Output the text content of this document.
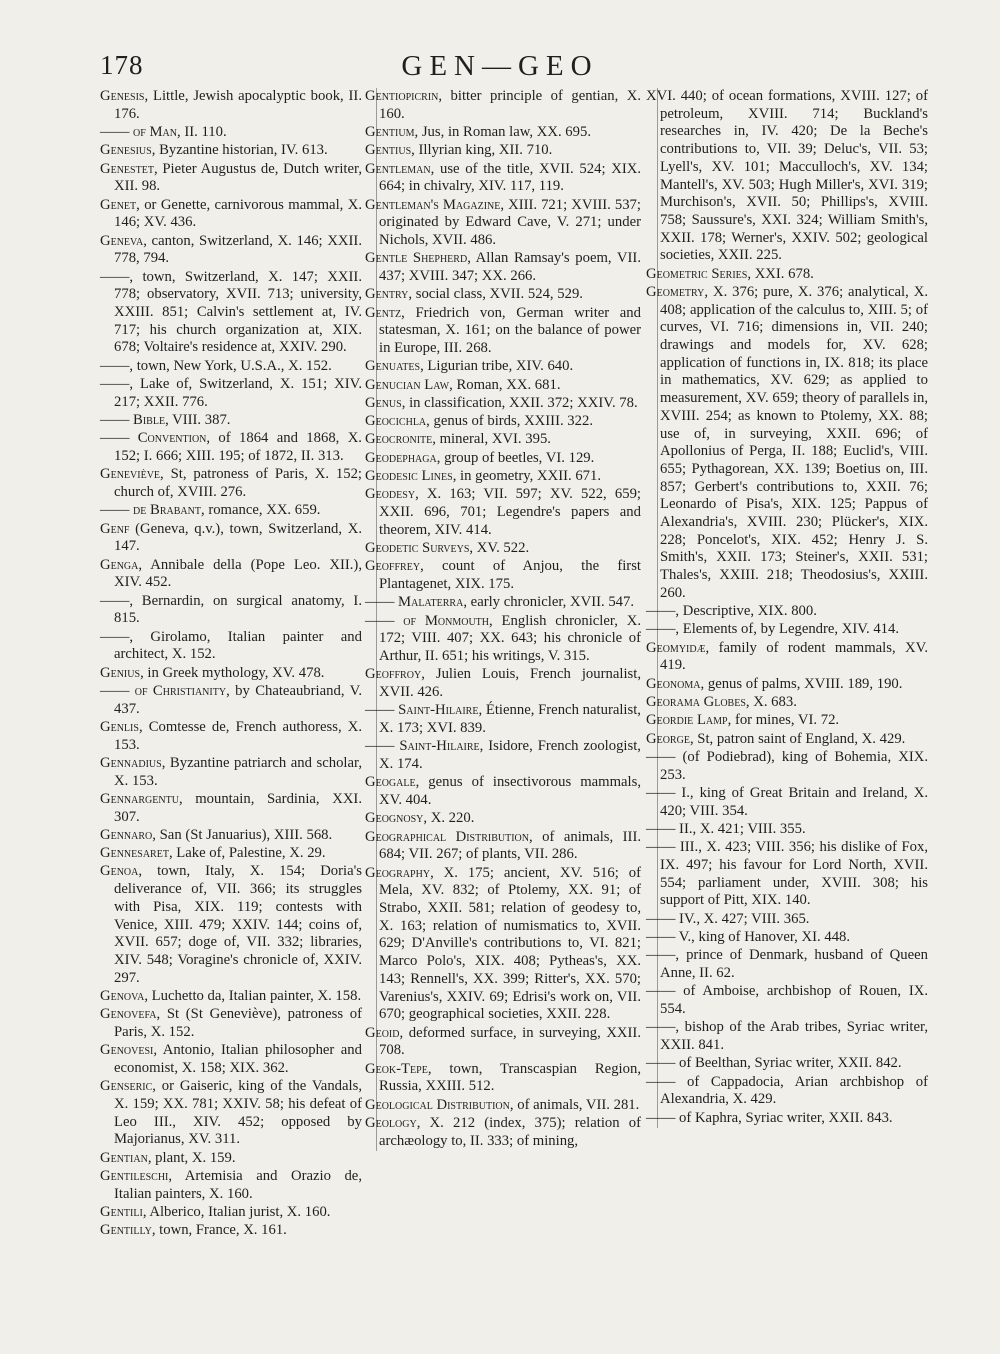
178	GEN—GEO
Genesis, Little, Jewish apocalyptic book, II. 176.
—— of Man, II. 110.
Genesius, Byzantine historian, IV. 613.
Genestet, Pieter Augustus de, Dutch writer, XII. 98.
Genet, or Genette, carnivorous mammal, X. 146; XV. 436.
Geneva, canton, Switzerland, X. 146; XXII. 778, 794.
——, town, Switzerland, X. 147; XXII. 778; observatory, XVII. 713; university, XXIII. 851; Calvin's settlement at, IV. 717; his church organization at, XIX. 678; Voltaire's residence at, XXIV. 290.
——, town, New York, U.S.A., X. 152.
——, Lake of, Switzerland, X. 151; XIV. 217; XXII. 776.
—— Bible, VIII. 387.
—— Convention, of 1864 and 1868, X. 152; I. 666; XIII. 195; of 1872, II. 313.
Geneviève, St, patroness of Paris, X. 152; church of, XVIII. 276.
—— de Brabant, romance, XX. 659.
Genf (Geneva, q.v.), town, Switzerland, X. 147.
Genga, Annibale della (Pope Leo. XII.), XIV. 452.
——, Bernardin, on surgical anatomy, I. 815.
——, Girolamo, Italian painter and architect, X. 152.
Genius, in Greek mythology, XV. 478.
—— of Christianity, by Chateaubriand, V. 437.
Genlis, Comtesse de, French authoress, X. 153.
Gennadius, Byzantine patriarch and scholar, X. 153.
Gennargentu, mountain, Sardinia, XXI. 307.
Gennaro, San (St Januarius), XIII. 568.
Gennesaret, Lake of, Palestine, X. 29.
Genoa, town, Italy, X. 154; Doria's deliverance of, VII. 366; its struggles with Pisa, XIX. 119; contests with Venice, XIII. 479; XXIV. 144; coins of, XVII. 657; doge of, VII. 332; libraries, XIV. 548; Voragine's chronicle of, XXIV. 297.
Genova, Luchetto da, Italian painter, X. 158.
Genovefa, St (St Geneviève), patroness of Paris, X. 152.
Genovesi, Antonio, Italian philosopher and economist, X. 158; XIX. 362.
Genseric, or Gaiseric, king of the Vandals, X. 159; XX. 781; XXIV. 58; his defeat of Leo III., XIV. 452; opposed by Majorianus, XV. 311.
Gentian, plant, X. 159.
Gentileschi, Artemisia and Orazio de, Italian painters, X. 160.
Gentili, Alberico, Italian jurist, X. 160.
Gentilly, town, France, X. 161.
Gentiopicrin, bitter principle of gentian, X. 160.
Gentium, Jus, in Roman law, XX. 695.
Gentius, Illyrian king, XII. 710.
Gentleman, use of the title, XVII. 524; XIX. 664; in chivalry, XIV. 117, 119.
Gentleman's Magazine, XIII. 721; XVIII. 537; originated by Edward Cave, V. 271; under Nichols, XVII. 486.
Gentle Shepherd, Allan Ramsay's poem, VII. 437; XVIII. 347; XX. 266.
Gentry, social class, XVII. 524, 529.
Gentz, Friedrich von, German writer and statesman, X. 161; on the balance of power in Europe, III. 268.
Genuates, Ligurian tribe, XIV. 640.
Genucian Law, Roman, XX. 681.
Genus, in classification, XXII. 372; XXIV. 78.
Geocichla, genus of birds, XXIII. 322.
Geocronite, mineral, XVI. 395.
Geodephaga, group of beetles, VI. 129.
Geodesic Lines, in geometry, XXII. 671.
Geodesy, X. 163; VII. 597; XV. 522, 659; XXII. 696, 701; Legendre's papers and theorem, XIV. 414.
Geodetic Surveys, XV. 522.
Geoffrey, count of Anjou, the first Plantagenet, XIX. 175.
—— Malaterra, early chronicler, XVII. 547.
—— of Monmouth, English chronicler, X. 172; VIII. 407; XX. 643; his chronicle of Arthur, II. 651; his writings, V. 315.
Geoffroy, Julien Louis, French journalist, XVII. 426.
—— Saint-Hilaire, Étienne, French naturalist, X. 173; XVI. 839.
—— Saint-Hilaire, Isidore, French zoologist, X. 174.
Geogale, genus of insectivorous mammals, XV. 404.
Geognosy, X. 220.
Geographical Distribution, of animals, III. 684; VII. 267; of plants, VII. 286.
Geography, X. 175; ancient, XV. 516; of Mela, XV. 832; of Ptolemy, XX. 91; of Strabo, XXII. 581; relation of geodesy to, X. 163; relation of numismatics to, XVII. 629; D'Anville's contributions to, VI. 821; Marco Polo's, XIX. 408; Pytheas's, XX. 143; Rennell's, XX. 399; Ritter's, XX. 570; Varenius's, XXIV. 69; Edrisi's work on, VII. 670; geographical societies, XXII. 228.
Geoid, deformed surface, in surveying, XXII. 708.
Geok-Tepe, town, Transcaspian Region, Russia, XXIII. 512.
Geological Distribution, of animals, VII. 281.
Geology, X. 212 (index, 375); relation of archæology to, II. 333; of mining,
XVI. 440; of ocean formations, XVIII. 127; of petroleum, XVIII. 714; Buckland's researches in, IV. 420; De la Beche's contributions to, VII. 39; Deluc's, VII. 53; Lyell's, XV. 101; Macculloch's, XV. 134; Mantell's, XV. 503; Hugh Miller's, XVI. 319; Murchison's, XVII. 50; Phillips's, XVIII. 758; Saussure's, XXI. 324; William Smith's, XXII. 178; Werner's, XXIV. 502; geological societies, XXII. 225.
Geometric Series, XXI. 678.
Geometry, X. 376; pure, X. 376; analytical, X. 408; application of the calculus to, XIII. 5; of curves, VI. 716; dimensions in, VII. 240; drawings and models for, XV. 628; application of functions in, IX. 818; its place in mathematics, XV. 629; as applied to measurement, XV. 659; theory of parallels in, XVIII. 254; as known to Ptolemy, XX. 88; use of, in surveying, XXII. 696; of Apollonius of Perga, II. 188; Euclid's, VIII. 655; Pythagorean, XX. 139; Boetius on, III. 857; Gerbert's contributions to, XXII. 76; Leonardo of Pisa's, XIX. 125; Pappus of Alexandria's, XVIII. 230; Plücker's, XIX. 228; Poncelot's, XIX. 452; Henry J. S. Smith's, XXII. 173; Steiner's, XXII. 531; Thales's, XXIII. 218; Theodosius's, XXIII. 260.
——, Descriptive, XIX. 800.
——, Elements of, by Legendre, XIV. 414.
Geomyidæ, family of rodent mammals, XV. 419.
Geonoma, genus of palms, XVIII. 189, 190.
Georama Globes, X. 683.
Geordie Lamp, for mines, VI. 72.
George, St, patron saint of England, X. 429.
—— (of Podiebrad), king of Bohemia, XIX. 253.
—— I., king of Great Britain and Ireland, X. 420; VIII. 354.
—— II., X. 421; VIII. 355.
—— III., X. 423; VIII. 356; his dislike of Fox, IX. 497; his favour for Lord North, XVII. 554; parliament under, XVIII. 308; his support of Pitt, XIX. 140.
—— IV., X. 427; VIII. 365.
—— V., king of Hanover, XI. 448.
——, prince of Denmark, husband of Queen Anne, II. 62.
—— of Amboise, archbishop of Rouen, IX. 554.
——, bishop of the Arab tribes, Syriac writer, XXII. 841.
—— of Beelthan, Syriac writer, XXII. 842.
—— of Cappadocia, Arian archbishop of Alexandria, X. 429.
—— of Kaphra, Syriac writer, XXII. 843.
